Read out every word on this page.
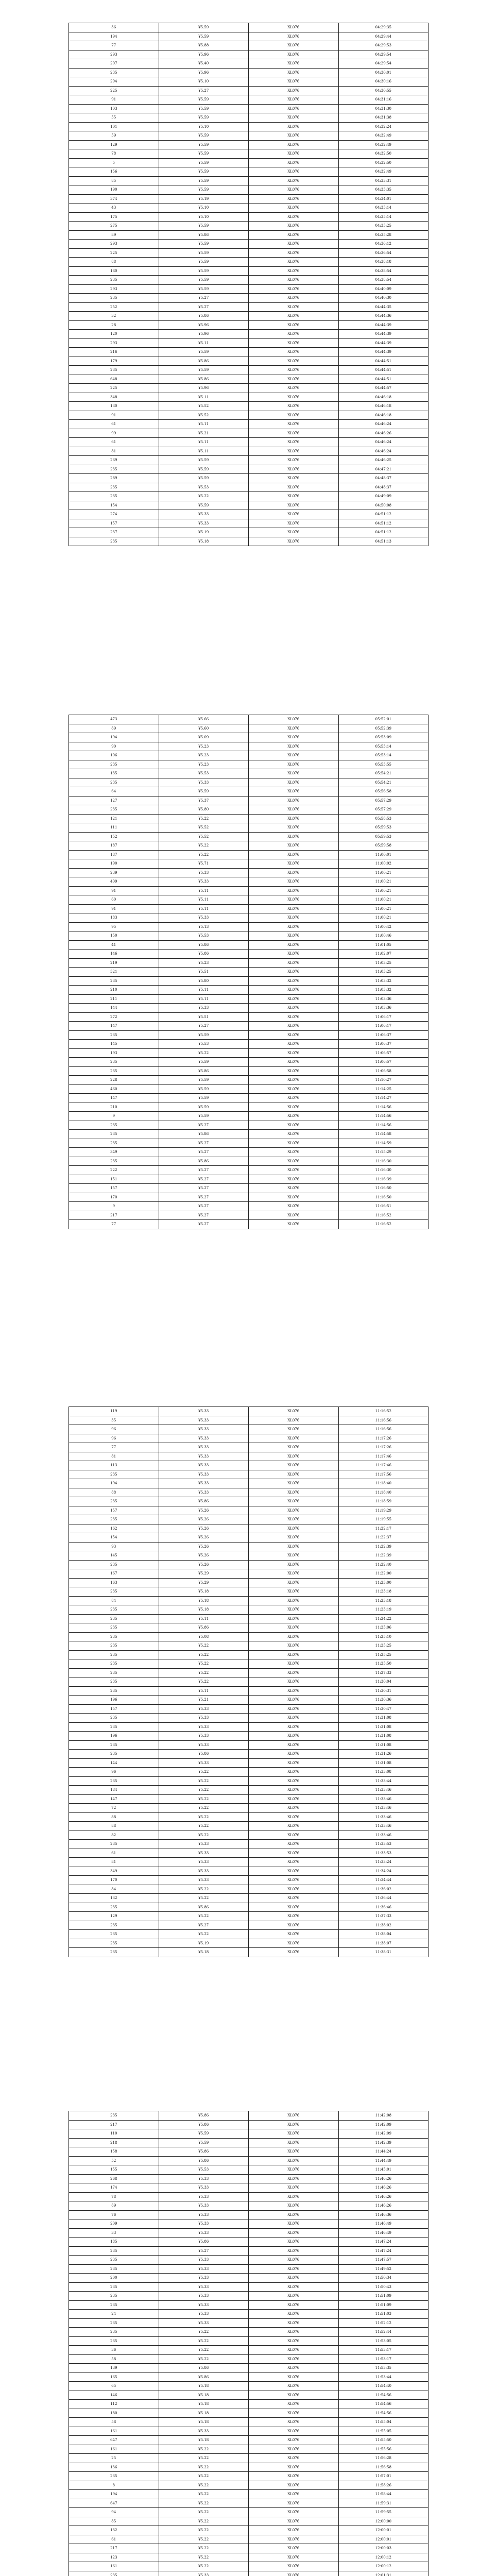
36	¥5.59	XL076	04:29:35
194	¥5.59	XL076	04:29:44
77	¥5.88	XL076	04:29:53
293	¥5.96	XL076	04:29:54
207	¥5.40	XL076	04:29:54
235	¥5.96	XL076	04:30:01
294	¥5.10	XL076	04:30:16
225	¥5.27	XL076	04:30:55
91	¥5.59	XL076	04:31:16
103	¥5.59	XL076	04:31:30
55	¥5.59	XL076	04:31:38
101	¥5.10	XL076	04:32:24
59	¥5.59	XL076	04:32:49
129	¥5.59	XL076	04:32:49
78	¥5.59	XL076	04:32:50
5	¥5.59	XL076	04:32:50
156	¥5.59	XL076	04:32:49
85	¥5.59	XL076	04:33:31
190	¥5.59	XL076	04:33:35
374	¥5.19	XL076	04:34:01
43	¥5.10	XL076	04:35:14
175	¥5.10	XL076	04:35:14
275	¥5.59	XL076	04:35:25
89	¥5.86	XL076	04:35:28
293	¥5.59	XL076	04:36:12
225	¥5.59	XL076	04:36:54
88	¥5.59	XL076	04:38:18
180	¥5.59	XL076	04:38:54
235	¥5.59	XL076	04:38:54
293	¥5.59	XL076	04:40:09
235	¥5.27	XL076	04:40:30
252	¥5.27	XL076	04:44:35
32	¥5.86	XL076	04:44:36
28	¥5.96	XL076	04:44:39
120	¥5.96	XL076	04:44:39
293	¥5.11	XL076	04:44:39
216	¥5.59	XL076	04:44:39
179	¥5.86	XL076	04:44:51
235	¥5.59	XL076	04:44:51
648	¥5.86	XL076	04:44:51
225	¥5.96	XL076	04:44:57
348	¥5.11	XL076	04:46:18
130	¥5.52	XL076	04:46:18
91	¥5.52	XL076	04:46:18
61	¥5.11	XL076	04:46:24
99	¥5.21	XL076	04:46:26
61	¥5.11	XL076	04:46:24
81	¥5.11	XL076	04:46:24
269	¥5.59	XL076	04:46:25
235	¥5.59	XL076	04:47:21
289	¥5.59	XL076	04:48:37
235	¥5.53	XL076	04:48:37
235	¥5.22	XL076	04:49:09
154	¥5.59	XL076	04:50:08
274	¥5.33	XL076	04:51:12
157	¥5.33	XL076	04:51:12
237	¥5.19	XL076	04:51:12
235	¥5.18	XL076	04:51:13
473	¥5.66	XL076	05:52:01
89	¥5.60	XL076	05:52:39
194	¥5.09	XL076	05:53:09
90	¥5.23	XL076	05:53:14
106	¥5.23	XL076	05:53:14
235	¥5.23	XL076	05:53:55
135	¥5.53	XL076	05:54:21
235	¥5.33	XL076	05:54:21
64	¥5.59	XL076	05:56:58
127	¥5.37	XL076	05:57:29
235	¥5.80	XL076	05:57:29
121	¥5.22	XL076	05:58:53
111	¥5.52	XL076	05:59:53
152	¥5.52	XL076	05:59:53
187	¥5.22	XL076	05:59:58
187	¥5.22	XL076	11:00:01
190	¥5.71	XL076	11:00:02
239	¥5.33	XL076	11:00:21
409	¥5.33	XL076	11:00:21
91	¥5.11	XL076	11:00:21
60	¥5.11	XL076	11:00:21
91	¥5.11	XL076	11:00:21
183	¥5.33	XL076	11:00:21
95	¥5.13	XL076	11:00:42
150	¥5.53	XL076	11:00:46
41	¥5.86	XL076	11:01:05
146	¥5.86	XL076	11:02:07
219	¥5.23	XL076	11:03:25
321	¥5.51	XL076	11:03:25
235	¥5.80	XL076	11:03:32
210	¥5.11	XL076	11:03:32
211	¥5.11	XL076	11:03:36
144	¥5.33	XL076	11:03:36
272	¥5.51	XL076	11:06:17
147	¥5.27	XL076	11:06:17
235	¥5.59	XL076	11:06:37
145	¥5.53	XL076	11:06:37
193	¥5.22	XL076	11:06:57
235	¥5.59	XL076	11:06:57
235	¥5.86	XL076	11:06:58
228	¥5.59	XL076	11:10:27
460	¥5.59	XL076	11:14:25
147	¥5.59	XL076	11:14:27
210	¥5.59	XL076	11:14:56
9	¥5.59	XL076	11:14:56
235	¥5.27	XL076	11:14:56
235	¥5.86	XL076	11:14:58
235	¥5.27	XL076	11:14:59
349	¥5.27	XL076	11:15:29
235	¥5.86	XL076	11:16:30
222	¥5.27	XL076	11:16:30
151	¥5.27	XL076	11:16:39
157	¥5.27	XL076	11:16:50
170	¥5.27	XL076	11:16:50
9	¥5.27	XL076	11:16:51
217	¥5.27	XL076	11:16:52
77	¥5.27	XL076	11:16:52
119	¥5.33	XL076	11:16:52
35	¥5.33	XL076	11:16:56
96	¥5.33	XL076	11:16:56
96	¥5.33	XL076	11:17:26
77	¥5.33	XL076	11:17:26
81	¥5.33	XL076	11:17:46
113	¥5.33	XL076	11:17:46
235	¥5.33	XL076	11:17:56
194	¥5.33	XL076	11:18:40
88	¥5.33	XL076	11:18:40
235	¥5.86	XL076	11:18:59
157	¥5.26	XL076	11:19:29
235	¥5.26	XL076	11:19:55
162	¥5.26	XL076	11:22:17
154	¥5.26	XL076	11:22:37
93	¥5.26	XL076	11:22:39
145	¥5.26	XL076	11:22:39
235	¥5.26	XL076	11:22:40
167	¥5.29	XL076	11:22:00
163	¥5.29	XL076	11:23:00
235	¥5.18	XL076	11:23:18
84	¥5.18	XL076	11:23:18
235	¥5.18	XL076	11:23:19
235	¥5.11	XL076	11:24:22
235	¥5.86	XL076	11:25:06
235	¥5.08	XL076	11:25:10
235	¥5.22	XL076	11:25:25
235	¥5.22	XL076	11:25:25
235	¥5.22	XL076	11:25:50
235	¥5.22	XL076	11:27:33
235	¥5.22	XL076	11:30:04
235	¥5.11	XL076	11:30:31
196	¥5.21	XL076	11:30:36
157	¥5.33	XL076	11:30:47
235	¥5.33	XL076	11:31:08
235	¥5.33	XL076	11:31:08
196	¥5.33	XL076	11:31:08
235	¥5.33	XL076	11:31:08
235	¥5.86	XL076	11:31:26
144	¥5.33	XL076	11:31:08
96	¥5.22	XL076	11:33:08
235	¥5.22	XL076	11:33:44
184	¥5.22	XL076	11:33:46
147	¥5.22	XL076	11:33:46
72	¥5.22	XL076	11:33:46
88	¥5.22	XL076	11:33:46
88	¥5.22	XL076	11:33:46
82	¥5.22	XL076	11:33:46
235	¥5.33	XL076	11:33:53
61	¥5.33	XL076	11:33:53
81	¥5.33	XL076	11:33:24
349	¥5.33	XL076	11:34:24
170	¥5.33	XL076	11:34:44
84	¥5.22	XL076	11:36:02
132	¥5.22	XL076	11:36:44
235	¥5.86	XL076	11:36:46
129	¥5.22	XL076	11:37:33
235	¥5.27	XL076	11:38:02
235	¥5.22	XL076	11:38:04
235	¥5.19	XL076	11:38:07
235	¥5.18	XL076	11:38:31
235	¥5.86	XL076	11:42:08
217	¥5.86	XL076	11:42:09
110	¥5.59	XL076	11:42:09
218	¥5.59	XL076	11:42:39
158	¥5.86	XL076	11:44:24
52	¥5.86	XL076	11:44:49
155	¥5.53	XL076	11:45:01
268	¥5.33	XL076	11:46:26
174	¥5.33	XL076	11:46:26
78	¥5.33	XL076	11:46:26
89	¥5.33	XL076	11:46:26
76	¥5.33	XL076	11:46:36
209	¥5.33	XL076	11:46:49
33	¥5.33	XL076	11:46:49
185	¥5.86	XL076	11:47:24
235	¥5.27	XL076	11:47:24
235	¥5.33	XL076	11:47:57
235	¥5.33	XL076	11:49:52
200	¥5.33	XL076	11:50:34
235	¥5.33	XL076	11:50:43
235	¥5.33	XL076	11:51:09
235	¥5.33	XL076	11:51:09
24	¥5.33	XL076	11:51:03
235	¥5.33	XL076	11:52:12
235	¥5.22	XL076	11:52:44
235	¥5.22	XL076	11:53:05
36	¥5.22	XL076	11:53:17
58	¥5.22	XL076	11:53:17
139	¥5.86	XL076	11:53:35
165	¥5.86	XL076	11:53:44
65	¥5.18	XL076	11:54:40
146	¥5.18	XL076	11:54:56
112	¥5.18	XL076	11:54:56
180	¥5.18	XL076	11:54:56
58	¥5.18	XL076	11:55:04
161	¥5.33	XL076	11:55:05
647	¥5.18	XL076	11:55:50
161	¥5.22	XL076	11:55:56
25	¥5.22	XL076	11:56:28
136	¥5.22	XL076	11:56:58
235	¥5.22	XL076	11:57:01
8	¥5.22	XL076	11:58:26
194	¥5.22	XL076	11:58:44
647	¥5.22	XL076	11:59:31
94	¥5.22	XL076	11:59:55
85	¥5.22	XL076	12:00:00
132	¥5.22	XL076	12:00:01
61	¥5.22	XL076	12:00:01
217	¥5.22	XL076	12:00:03
123	¥5.22	XL076	12:00:12
161	¥5.22	XL076	12:00:12
235	¥5.33	XL076	12:01:31
